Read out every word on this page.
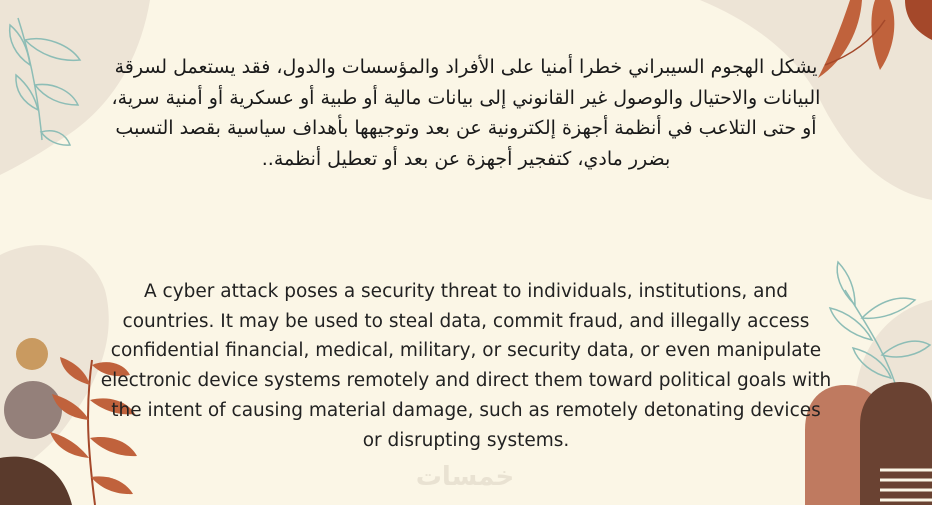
يشكل الهجوم السيبراني خطرا أمنيا على الأفراد والمؤسسات والدول، فقد يستعمل لسرقة البيانات والاحتيال والوصول غير القانوني إلى بيانات مالية أو طبية أو عسكرية أو أمنية سرية، أو حتى التلاعب في أنظمة أجهزة إلكترونية عن بعد وتوجيهها بأهداف سياسية بقصد التسبب بضرر مادي، كتفجير أجهزة عن بعد أو تعطيل أنظمة..

A cyber attack poses a security threat to individuals, institutions, and countries. It may be used to steal data, commit fraud, and illegally access confidential financial, medical, military, or security data, or even manipulate electronic device systems remotely and direct them toward political goals with the intent of causing material damage, such as remotely detonating devices or disrupting systems.

خمسات
